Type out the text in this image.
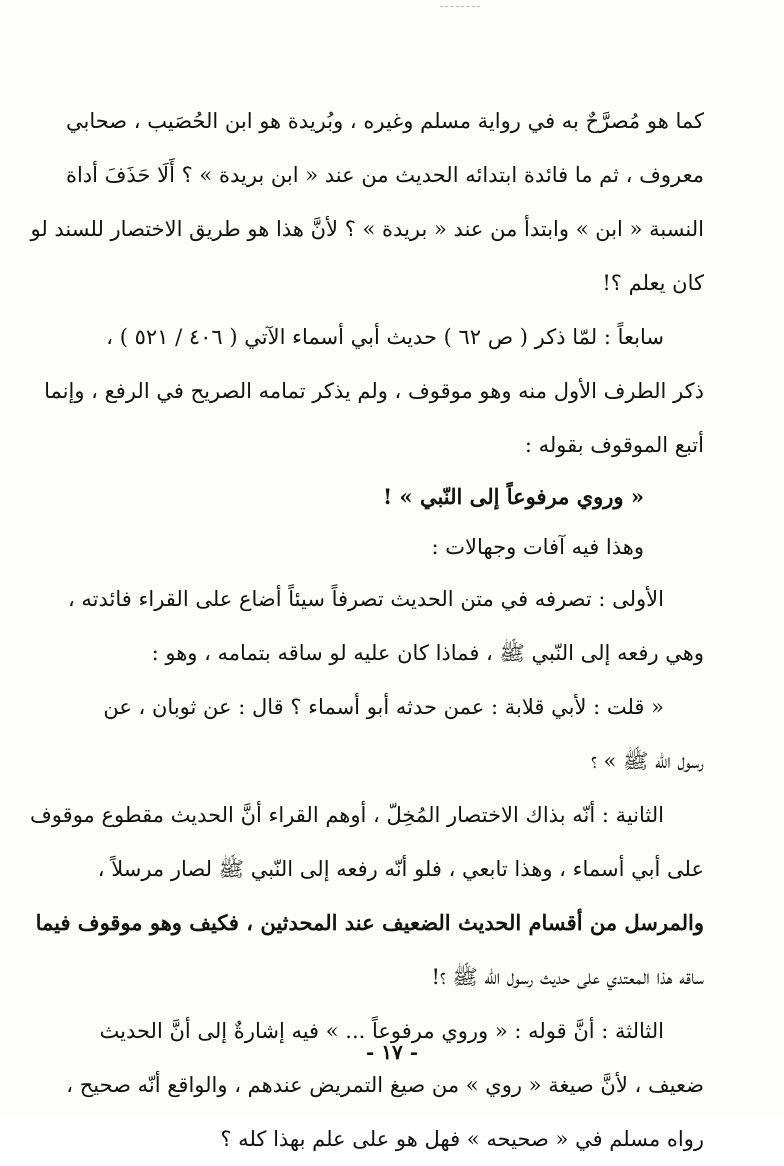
كما هو مُصرَّحٌ به في رواية مسلم وغيره ، وبُريدة هو ابن الحُصَيب ، صحابي
معروف ، ثم ما فائدة ابتدائه الحديث من عند « ابن بريدة » ؟ أَلَا حَذَفَ أداة
النسبة « ابن » وابتدأ من عند « بريدة » ؟ لأنَّ هذا هو طريق الاختصار للسند لو
كان يعلم ؟!
سابعاً : لمّا ذكر ( ص ٦٢ ) حديث أبي أسماء الآتي ( ٤٠٦ / ٥٢١ ) ،
ذكر الطرف الأول منه وهو موقوف ، ولم يذكر تمامه الصريح في الرفع ، وإنما
أتبع الموقوف بقوله :
« وروي مرفوعاً إلى النّبي » !
وهذا فيه آفات وجهالات :
الأولى : تصرفه في متن الحديث تصرفاً سيئاً أضاع على القراء فائدته ،
وهي رفعه إلى النّبي ﷺ ، فماذا كان عليه لو ساقه بتمامه ، وهو :
« قلت : لأبي قلابة : عمن حدثه أبو أسماء ؟ قال : عن ثوبان ، عن
رسول اللّه ﷺ » ؟
الثانية : أنّه بذاك الاختصار المُخِلّ ، أوهم القراء أنَّ الحديث مقطوع موقوف
على أبي أسماء ، وهذا تابعي ، فلو أنّه رفعه إلى النّبي ﷺ لصار مرسلاً ،
والمرسل من أقسام الحديث الضعيف عند المحدثين ، فكيف وهو موقوف فيما
ساقه هذا المعتدي على حديث رسول اللّه ﷺ ؟!
الثالثة : أنَّ قوله : « وروي مرفوعاً ... » فيه إشارةٌ إلى أنَّ الحديث
ضعيف ، لأنَّ صيغة « روي » من صيغ التمريض عندهم ، والواقع أنّه صحيح ،
رواه مسلم في « صحيحه » فهل هو على علم بهذا كله ؟
- ١٧ -
